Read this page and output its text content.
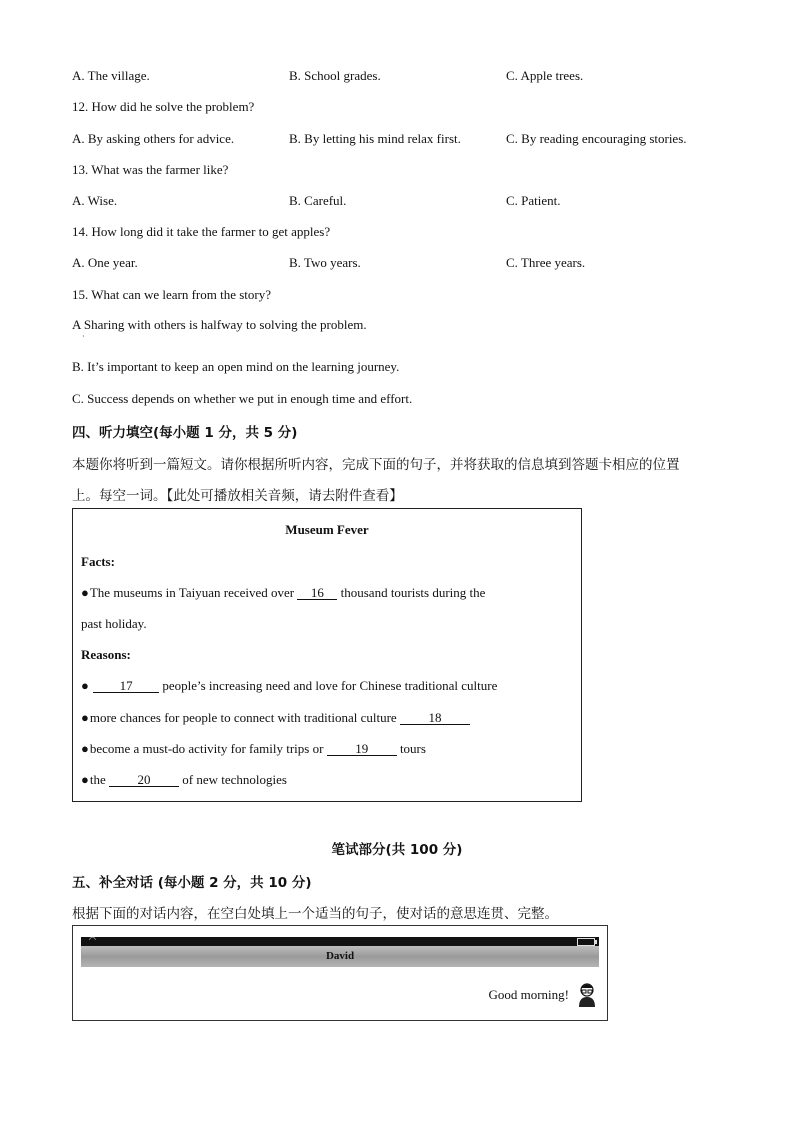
A. The village.	B. School grades.	C. Apple trees.
12. How did he solve the problem?
A. By asking others for advice.	B. By letting his mind relax first.	C. By reading encouraging stories.
13. What was the farmer like?
A. Wise.	B. Careful.	C. Patient.
14. How long did it take the farmer to get apples?
A. One year.	B. Two years.	C. Three years.
15. What can we learn from the story?
A Sharing with others is halfway to solving the problem.
·
B. It’s important to keep an open mind on the learning journey.
C. Success depends on whether we put in enough time and effort.
四、听力填空(每小题 1 分，共 5 分)
本题你将听到一篇短文。请你根据所听内容，完成下面的句子，并将获取的信息填到答题卡相应的位置
上。每空一词。【此处可播放相关音频，请去附件查看】
Museum Fever
Facts:
●The museums in Taiyuan received over 16 thousand tourists during the
past holiday.
Reasons:
● 17 people’s increasing need and love for Chinese traditional culture
●more chances for people to connect with traditional culture 18
●become a must-do activity for family trips or 19 tours
●the 20 of new technologies
笔试部分(共 100 分)
五、补全对话 (每小题 2 分，共 10 分)
根据下面的对话内容，在空白处填上一个适当的句子，使对话的意思连贯、完整。
◠
David
Good morning!
